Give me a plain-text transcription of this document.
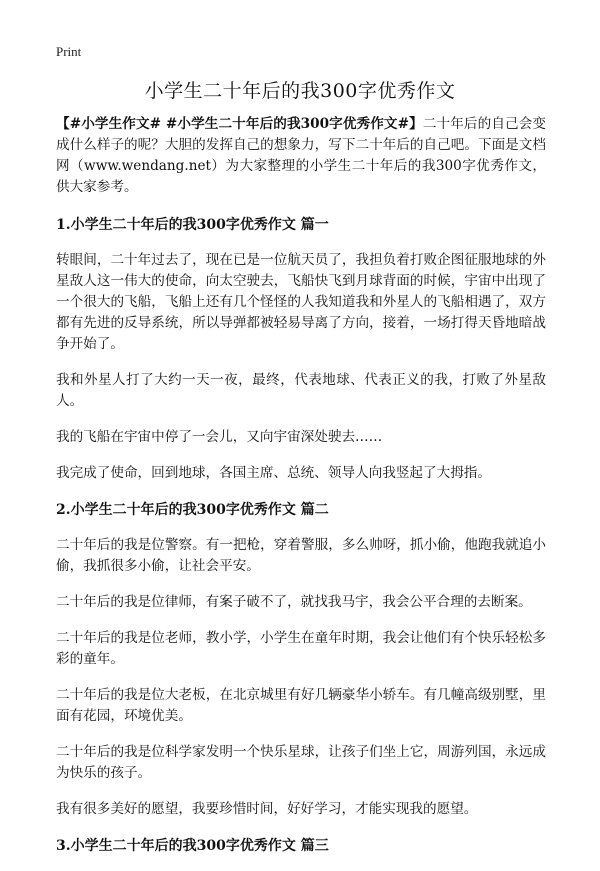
Print
小学生二十年后的我300字优秀作文

【#小学生作文# #小学生二十年后的我300字优秀作文#】二十年后的自己会变成什么样子的呢？大胆的发挥自己的想象力，写下二十年后的自己吧。下面是文档网（www.wendang.net）为大家整理的小学生二十年后的我300字优秀作文，供大家参考。

1.小学生二十年后的我300字优秀作文 篇一

转眼间，二十年过去了，现在已是一位航天员了，我担负着打败企图征服地球的外星敌人这一伟大的使命，向太空驶去，飞船快飞到月球背面的时候，宇宙中出现了一个很大的飞船，飞船上还有几个怪怪的人我知道我和外星人的飞船相遇了，双方都有先进的反导系统，所以导弹都被轻易导离了方向，接着，一场打得天昏地暗战争开始了。

我和外星人打了大约一天一夜，最终，代表地球、代表正义的我，打败了外星敌人。

我的飞船在宇宙中停了一会儿，又向宇宙深处驶去……

我完成了使命，回到地球，各国主席、总统、领导人向我竖起了大拇指。

2.小学生二十年后的我300字优秀作文 篇二

二十年后的我是位警察。有一把枪，穿着警服，多么帅呀，抓小偷，他跑我就追小偷，我抓很多小偷，让社会平安。

二十年后的我是位律师，有案子破不了，就找我马宇，我会公平合理的去断案。

二十年后的我是位老师，教小学，小学生在童年时期，我会让他们有个快乐轻松多彩的童年。

二十年后的我是位大老板，在北京城里有好几辆豪华小轿车。有几幢高级别墅，里面有花园，环境优美。

二十年后的我是位科学家发明一个快乐星球，让孩子们坐上它，周游列国，永远成为快乐的孩子。

我有很多美好的愿望，我要珍惜时间，好好学习，才能实现我的愿望。

3.小学生二十年后的我300字优秀作文 篇三
